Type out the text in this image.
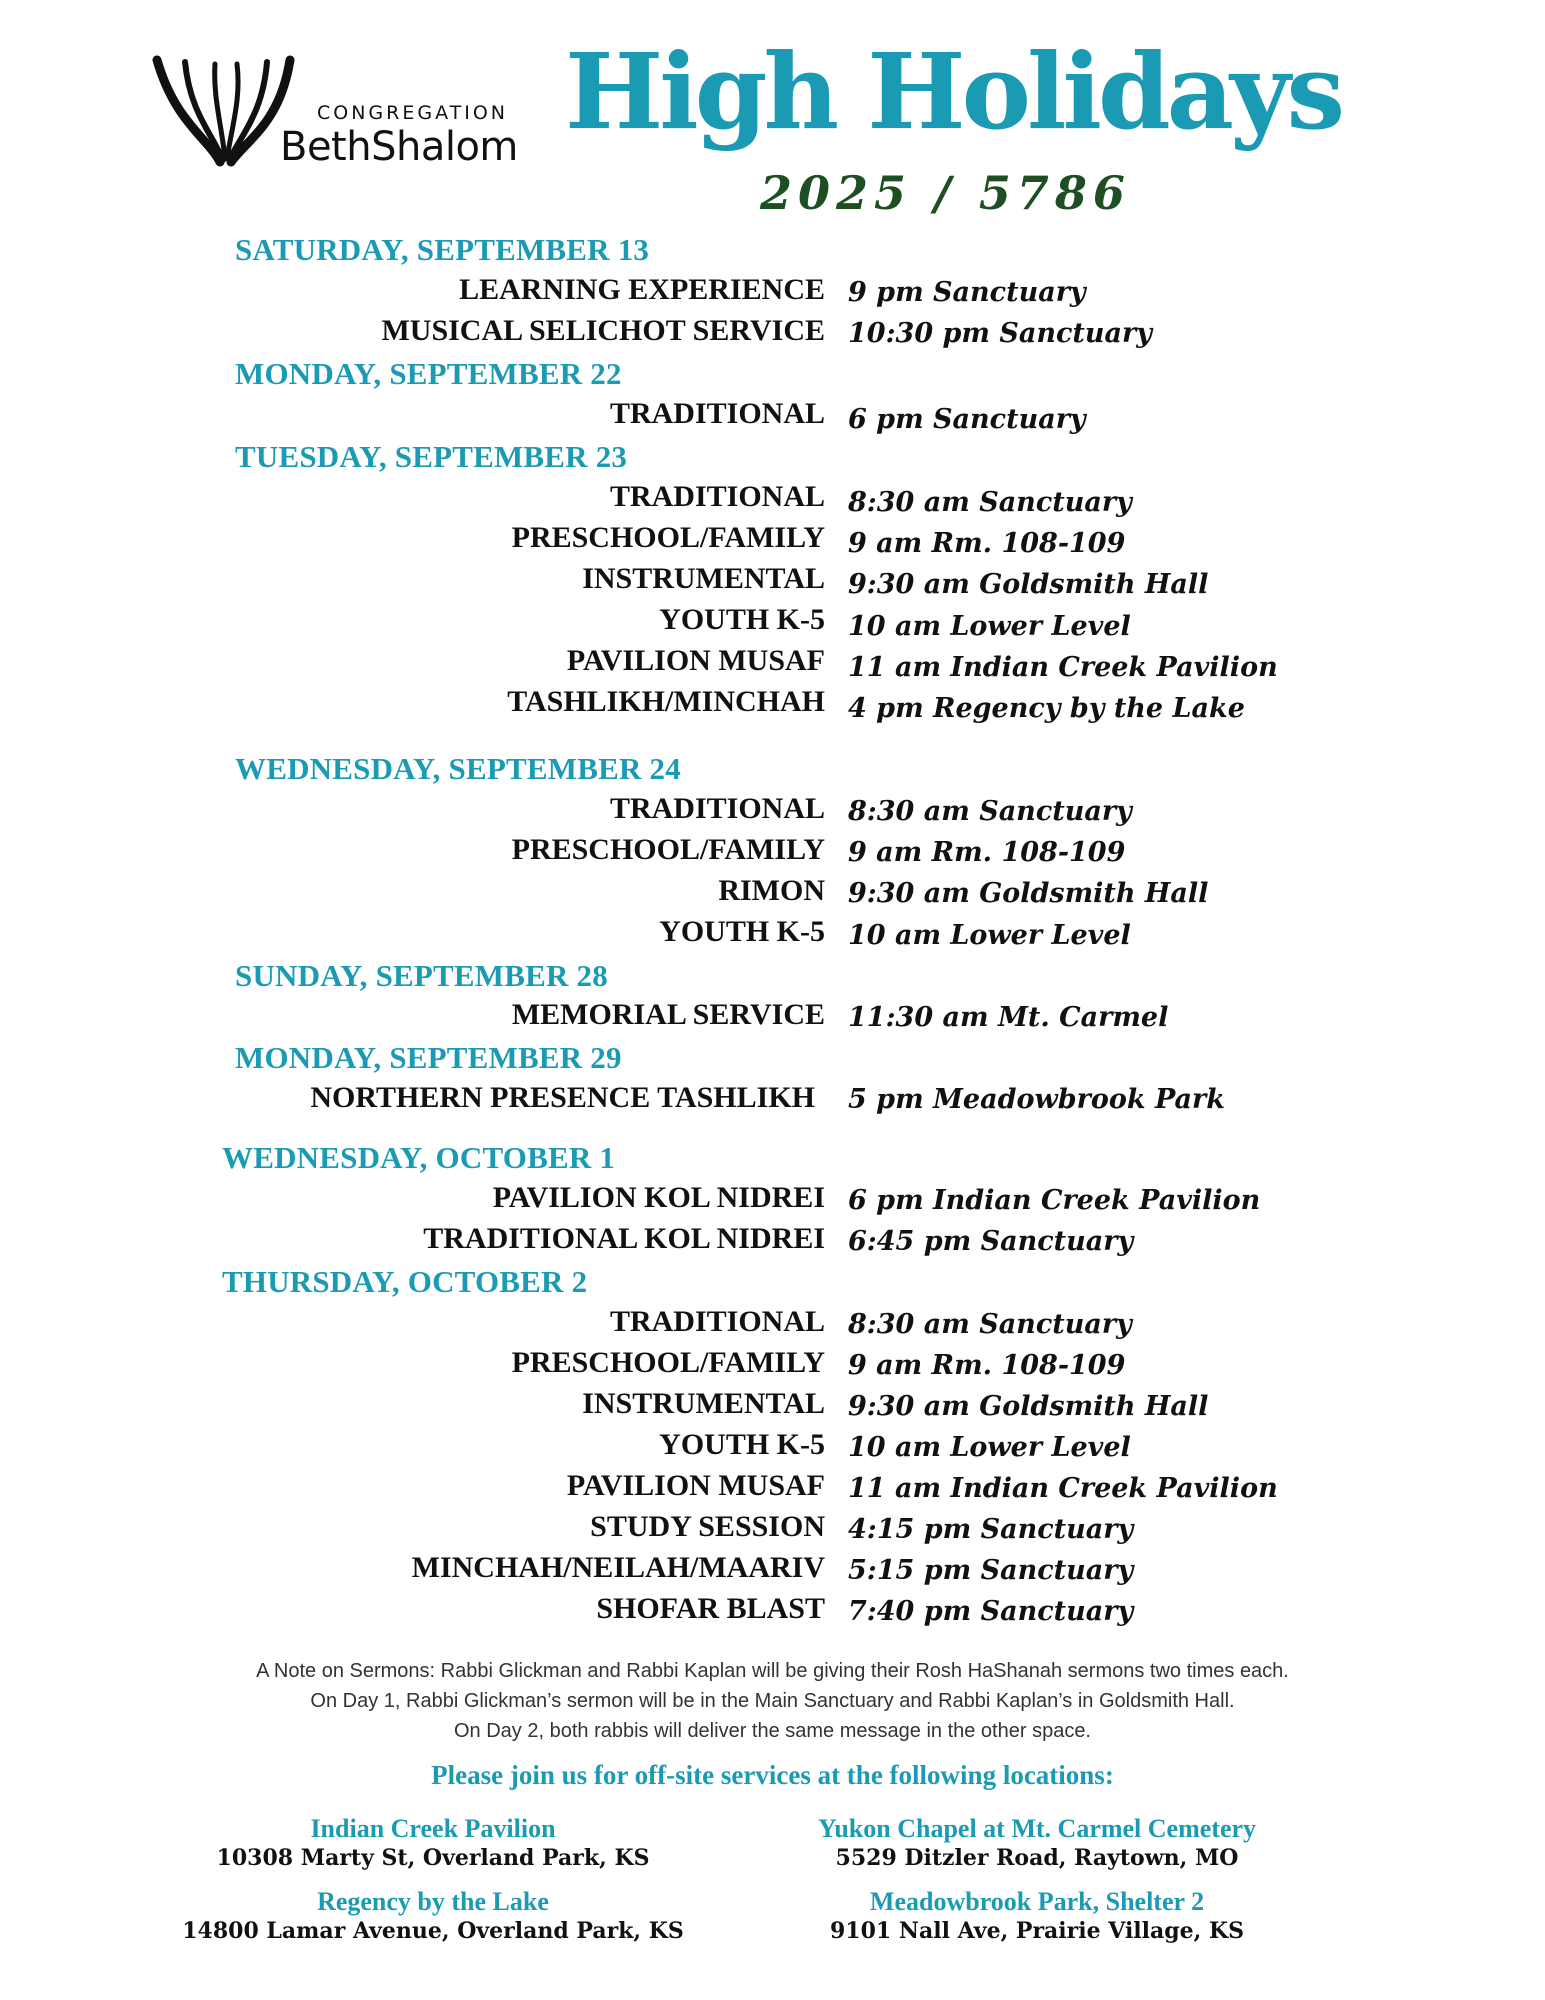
CONGREGATION
BethShalom High Holidays
2025 / 5786
SATURDAY, SEPTEMBER 13
LEARNING EXPERIENCE 9 pm Sanctuary
MUSICAL SELICHOT SERVICE 10:30 pm Sanctuary
MONDAY, SEPTEMBER 22
TRADITIONAL 6 pm Sanctuary
TUESDAY, SEPTEMBER 23
TRADITIONAL 8:30 am Sanctuary
PRESCHOOL/FAMILY 9 am Rm. 108-109
INSTRUMENTAL 9:30 am Goldsmith Hall
YOUTH K-5 10 am Lower Level
PAVILION MUSAF 11 am Indian Creek Pavilion
TASHLIKH/MINCHAH 4 pm Regency by the Lake
WEDNESDAY, SEPTEMBER 24
TRADITIONAL 8:30 am Sanctuary
PRESCHOOL/FAMILY 9 am Rm. 108-109
RIMON 9:30 am Goldsmith Hall
YOUTH K-5 10 am Lower Level
SUNDAY, SEPTEMBER 28
MEMORIAL SERVICE 11:30 am Mt. Carmel
MONDAY, SEPTEMBER 29
NORTHERN PRESENCE TASHLIKH 5 pm Meadowbrook Park
WEDNESDAY, OCTOBER 1
PAVILION KOL NIDREI 6 pm Indian Creek Pavilion
TRADITIONAL KOL NIDREI 6:45 pm Sanctuary
THURSDAY, OCTOBER 2
TRADITIONAL 8:30 am Sanctuary
PRESCHOOL/FAMILY 9 am Rm. 108-109
INSTRUMENTAL 9:30 am Goldsmith Hall
YOUTH K-5 10 am Lower Level
PAVILION MUSAF 11 am Indian Creek Pavilion
STUDY SESSION 4:15 pm Sanctuary
MINCHAH/NEILAH/MAARIV 5:15 pm Sanctuary
SHOFAR BLAST 7:40 pm Sanctuary
A Note on Sermons: Rabbi Glickman and Rabbi Kaplan will be giving their Rosh HaShanah sermons two times each.
On Day 1, Rabbi Glickman’s sermon will be in the Main Sanctuary and Rabbi Kaplan’s in Goldsmith Hall.
On Day 2, both rabbis will deliver the same message in the other space.
Please join us for off-site services at the following locations:
Indian Creek Pavilion
10308 Marty St, Overland Park, KS
Yukon Chapel at Mt. Carmel Cemetery
5529 Ditzler Road, Raytown, MO
Regency by the Lake
14800 Lamar Avenue, Overland Park, KS
Meadowbrook Park, Shelter 2
9101 Nall Ave, Prairie Village, KS
